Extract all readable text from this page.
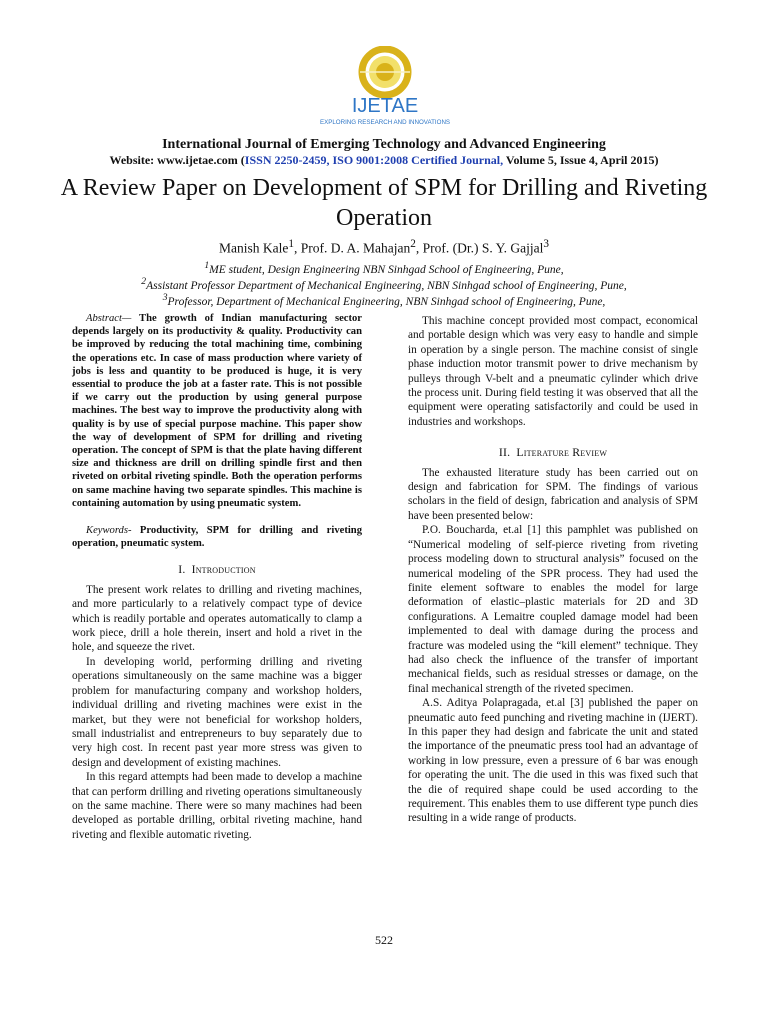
IJETAE
EXPLORING RESEARCH AND INNOVATIONS
International Journal of Emerging Technology and Advanced Engineering
Website: www.ijetae.com (ISSN 2250-2459, ISO 9001:2008 Certified Journal, Volume 5, Issue 4, April 2015)
A Review Paper on Development of SPM for Drilling and Riveting Operation
Manish Kale$^1$, Prof. D. A. Mahajan$^2$, Prof. (Dr.) S. Y. Gajjal$^3$
$^1$ME student, Design Engineering NBN Sinhgad School of Engineering, Pune,
$^2$Assistant Professor Department of Mechanical Engineering, NBN Sinhgad school of Engineering, Pune,
$^3$Professor, Department of Mechanical Engineering, NBN Sinhgad school of Engineering, Pune,

Abstract— The growth of Indian manufacturing sector depends largely on its productivity & quality. Productivity can be improved by reducing the total machining time, combining the operations etc. In case of mass production where variety of jobs is less and quantity to be produced is huge, it is very essential to produce the job at a faster rate. This is not possible if we carry out the production by using general purpose machines. The best way to improve the productivity along with quality is by use of special purpose machine. This paper show the way of development of SPM for drilling and riveting operation. The concept of SPM is that the plate having different size and thickness are drill on drilling spindle first and then riveted on orbital riveting spindle. Both the operation performs on same machine having two separate spindles. This machine is containing automation by using pneumatic system.

Keywords- Productivity, SPM for drilling and riveting operation, pneumatic system.

I. Introduction

The present work relates to drilling and riveting machines, and more particularly to a relatively compact type of device which is readily portable and operates automatically to clamp a work piece, drill a hole therein, insert and hold a rivet in the hole, and squeeze the rivet.

In developing world, performing drilling and riveting operations simultaneously on the same machine was a bigger problem for manufacturing company and workshop holders, individual drilling and riveting machines were exist in the market, but they were not beneficial for workshop holders, small industrialist and entrepreneurs to buy separately due to very high cost. In recent past year more stress was given to design and development of existing machines.

In this regard attempts had been made to develop a machine that can perform drilling and riveting operations simultaneously on the same machine. There were so many machines had been developed as portable drilling, orbital riveting machine, hand riveting and flexible automatic riveting.

This machine concept provided most compact, economical and portable design which was very easy to handle and simple in operation by a single person. The machine consist of single phase induction motor transmit power to drive mechanism by pulleys through V-belt and a pneumatic cylinder which drive the process unit. During field testing it was observed that all the equipment were operating satisfactorily and could be used in industries and workshops.

II. Literature Review

The exhausted literature study has been carried out on design and fabrication for SPM. The findings of various scholars in the field of design, fabrication and analysis of SPM have been presented below:

P.O. Boucharda, et.al [1] this pamphlet was published on “Numerical modeling of self-pierce riveting from riveting process modeling down to structural analysis” focused on the numerical modeling of the SPR process. They had used the finite element software to enables the model for large deformation of elastic–plastic materials for 2D and 3D configurations. A Lemaitre coupled damage model had been implemented to deal with damage during the process and fracture was modeled using the “kill element” technique. They had also check the influence of the transfer of important mechanical fields, such as residual stresses or damage, on the final mechanical strength of the riveted specimen.

A.S. Aditya Polapragada, et.al [3] published the paper on pneumatic auto feed punching and riveting machine in (IJERT). In this paper they had design and fabricate the unit and stated the importance of the pneumatic press tool had an advantage of working in low pressure, even a pressure of 6 bar was enough for operating the unit. The die used in this was fixed such that the die of required shape could be used according to the requirement. This enables them to use different type punch dies resulting in a wide range of products.

522
